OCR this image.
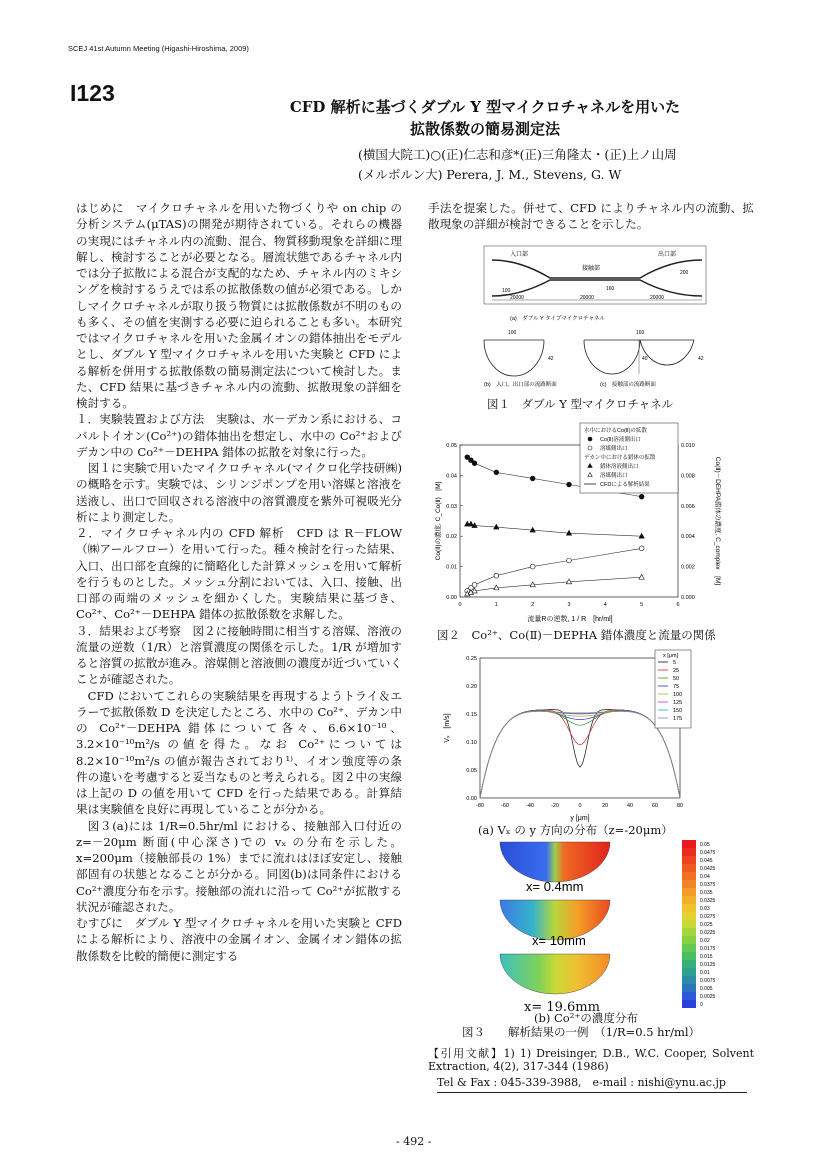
SCEJ 41st Autumn Meeting (Higashi-Hiroshima, 2009)
I123
CFD 解析に基づくダブル Y 型マイクロチャネルを用いた
拡散係数の簡易測定法
(横国大院工)○(正)仁志和彦*(正)三角隆太・(正)上ノ山周
(メルボルン大) Perera, J. M., Stevens, G. W

はじめに　マイクロチャネルを用いた物づくりや on chip の分析システム(μTAS)の開発が期待されている。それらの機器の実現にはチャネル内の流動、混合、物質移動現象を詳細に理解し、検討することが必要となる。層流状態であるチャネル内では分子拡散による混合が支配的なため、チャネル内のミキシングを検討するうえでは系の拡散係数の値が必須である。しかしマイクロチャネルが取り扱う物質には拡散係数が不明のものも多く、その値を実測する必要に迫られることも多い。本研究ではマイクロチャネルを用いた金属イオンの錯体抽出をモデルとし、ダブル Y 型マイクロチャネルを用いた実験と CFD による解析を併用する拡散係数の簡易測定法について検討した。また、CFD 結果に基づきチャネル内の流動、拡散現象の詳細を検討する。

１．実験装置および方法　実験は、水－デカン系における、コバルトイオン(Co²⁺)の錯体抽出を想定し、水中の Co²⁺およびデカン中の Co²⁺－DEHPA 錯体の拡散を対象に行った。

図１に実験で用いたマイクロチャネル(マイクロ化学技研㈱)の概略を示す。実験では、シリンジポンプを用い溶媒と溶液を送液し、出口で回収される溶液中の溶質濃度を紫外可視吸光分析により測定した。

２．マイクロチャネル内の CFD 解析　CFD は R－FLOW（㈱アールフロー）を用いて行った。種々検討を行った結果、入口、出口部を直線的に簡略化した計算メッシュを用いて解析を行うものとした。メッシュ分割においては、入口、接触、出口部の両端のメッシュを細かくした。実験結果に基づき、Co²⁺、Co²⁺－DEHPA 錯体の拡散係数を求解した。

３．結果および考察　図２に接触時間に相当する溶媒、溶液の流量の逆数（1/R）と溶質濃度の関係を示した。1/R が増加すると溶質の拡散が進み。溶媒側と溶液側の濃度が近づいていくことが確認された。

CFD においてこれらの実験結果を再現するようトライ＆エラーで拡散係数 D を決定したところ、水中の Co²⁺、デカン中の Co²⁺－DEHPA 錯体について各々、6.6×10⁻¹⁰、3.2×10⁻¹⁰m²/s の値を得た。なお Co²⁺については 8.2×10⁻¹⁰m²/s の値が報告されており¹⁾、イオン強度等の条件の違いを考慮すると妥当なものと考えられる。図２中の実線は上記の D の値を用いて CFD を行った結果である。計算結果は実験値を良好に再現していることが分かる。

図３(a)には 1/R=0.5hr/ml における、接触部入口付近の z=－20μm 断面(中心深さ)での vₓ の分布を示した。x=200μm（接触部長の 1%）までに流れはほぼ安定し、接触部固有の状態となることが分かる。同図(b)は同条件における Co²⁺濃度分布を示す。接触部の流れに沿って Co²⁺が拡散する状況が確認された。

むすびに　ダブル Y 型マイクロチャネルを用いた実験と CFD による解析により、溶液中の金属イオン、金属イオン錯体の拡散係数を比較的簡便に測定する

手法を提案した。併せて、CFD によりチャネル内の流動、拡散現象の詳細が検討できることを示した。
入口部
接触部
出口部
100	160
200
20000	20000	20000
(a)　ダブル Y タイプマイクロチャネル
100
42
160
40	42
(b)　入口、出口部の流路断面	(c)　接触部の流路断面
図１　ダブル Y 型マイクロチャネル
0.00
0.01
0.02
0.03
0.04
0.05
0.000
0.002
0.004
0.006
0.008
0.010
0	1	2	3	4	5	6
流量Rの逆数, 1 / R　[hr/ml]
Co(Ⅱ)の濃度, C_Co(Ⅱ)　[M]	Co(Ⅱ)－DEHPA錯体の濃度, C_complex　[M]
水中におけるCo(Ⅱ)の拡散
Co(Ⅱ)溶液側出口
溶媒側出口
デカン中における錯体の拡散
錯体溶液側出口
溶媒側出口
CFDによる解析結果
図２　Co²⁺、Co(Ⅱ)－DEPHA 錯体濃度と流量の関係
0.00
0.05
0.10
0.15
0.20
0.25
-80	-60	-40	-20	0	20	40	60	80
y [μm]
Vₓ　[m/s]
x [μm]
5
25
50
75
100
125
150
175
(a) Vₓ の y 方向の分布（z=-20μm）
x= 0.4mm
x= 10mm
0.05
0.0475
0.045
0.0425
0.04
0.0375
0.035
0.0325
0.03
0.0275
0.025
0.0225
0.02
0.0175
0.015
0.0125
0.01
0.0075
0.005
0.0025
0
x= 19.6mm
(b) Co²⁺の濃度分布
図３　　解析結果の一例　（1/R=0.5 hr/ml）
【引用文献】1) 1) Dreisinger, D.B., W.C. Cooper, Solvent Extraction, 4(2), 317-344 (1986)
Tel & Fax : 045-339-3988,　e-mail : nishi@ynu.ac.jp
- 492 -
